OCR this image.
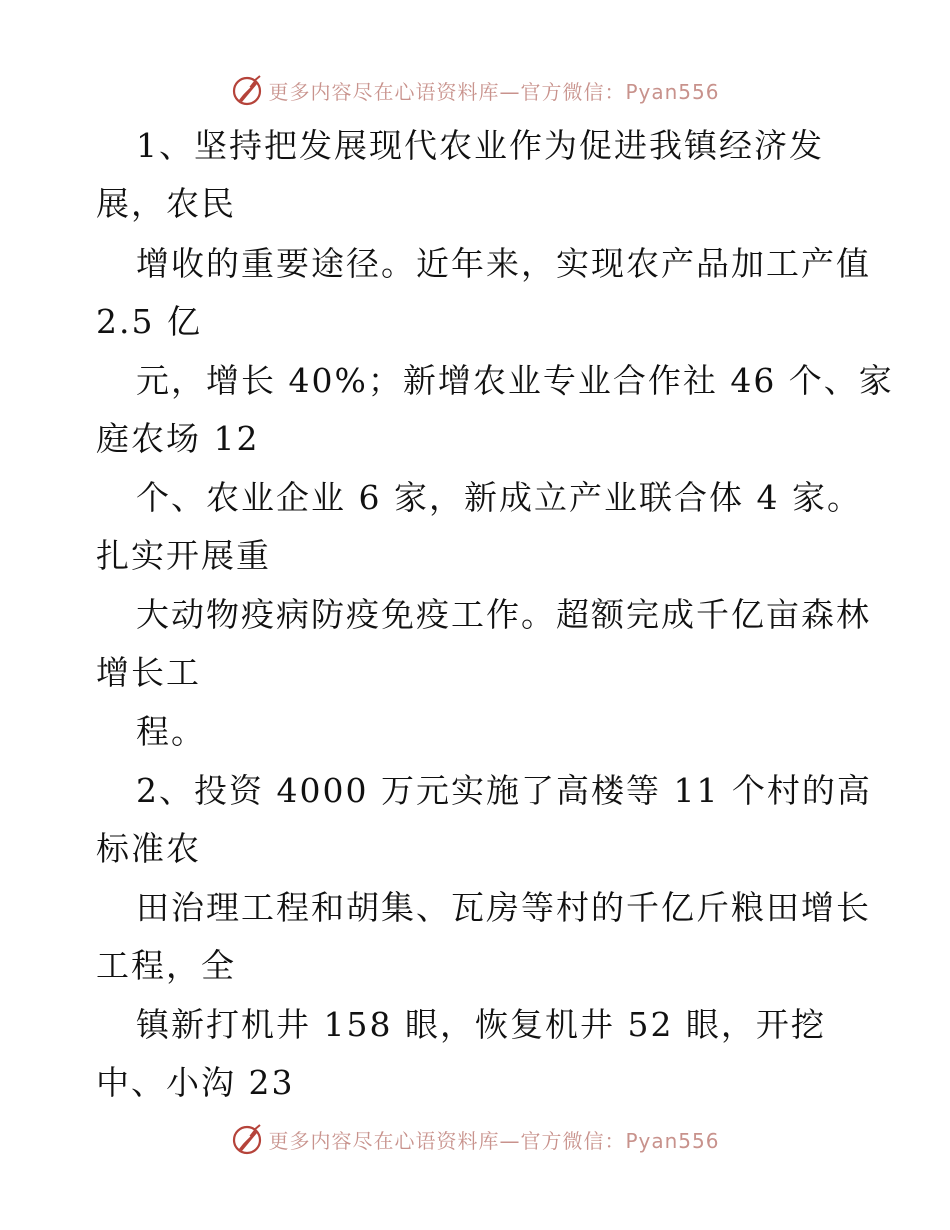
更多内容尽在心语资料库—官方微信：Pyan556
1、坚持把发展现代农业作为促进我镇经济发
展，农民
增收的重要途径。近年来，实现农产品加工产值
2.5 亿
元，增长 40%；新增农业专业合作社 46 个、家
庭农场 12
个、农业企业 6 家，新成立产业联合体 4 家。
扎实开展重
大动物疫病防疫免疫工作。超额完成千亿亩森林
增长工
程。
2、投资 4000 万元实施了高楼等 11 个村的高
标准农
田治理工程和胡集、瓦房等村的千亿斤粮田增长
工程，全
镇新打机井 158 眼，恢复机井 52 眼，开挖
中、小沟 23
更多内容尽在心语资料库—官方微信：Pyan556
